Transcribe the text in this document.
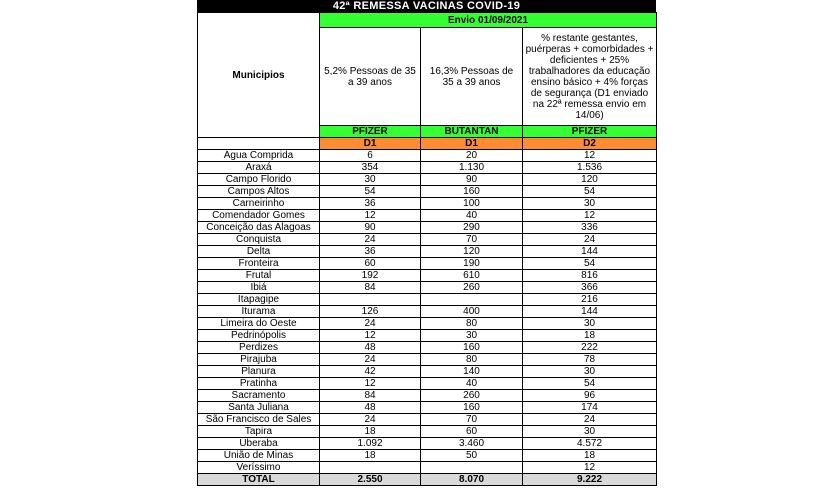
42ª REMESSA VACINAS COVID-19
Municipios	Envio 01/09/2021		
	5,2% Pessoas de 35 a 39 anos	16,3% Pessoas de 35 a 39 anos	% restante gestantes, puérperas + comorbidades + deficientes + 25% trabalhadores da educação ensino básico + 4% forças de segurança (D1 enviado na 22ª remessa envio em 14/06)
	PFIZER	BUTANTAN	PFIZER
	D1	D1	D2
Água Comprida	6	20	12
Araxá	354	1.130	1.536
Campo Florido	30	90	120
Campos Altos	54	160	54
Carneirinho	36	100	30
Comendador Gomes	12	40	12
Conceição das Alagoas	90	290	336
Conquista	24	70	24
Delta	36	120	144
Fronteira	60	190	54
Frutal	192	610	816
Ibiá	84	260	366
Itapagipe			216
Iturama	126	400	144
Limeira do Oeste	24	80	30
Pedrinópolis	12	30	18
Perdizes	48	160	222
Pirajuba	24	80	78
Planura	42	140	30
Pratinha	12	40	54
Sacramento	84	260	96
Santa Juliana	48	160	174
São Francisco de Sales	24	70	24
Tapira	18	60	30
Uberaba	1.092	3.460	4.572
União de Minas	18	50	18
Veríssimo			12
TOTAL	2.550	8.070	9.222
